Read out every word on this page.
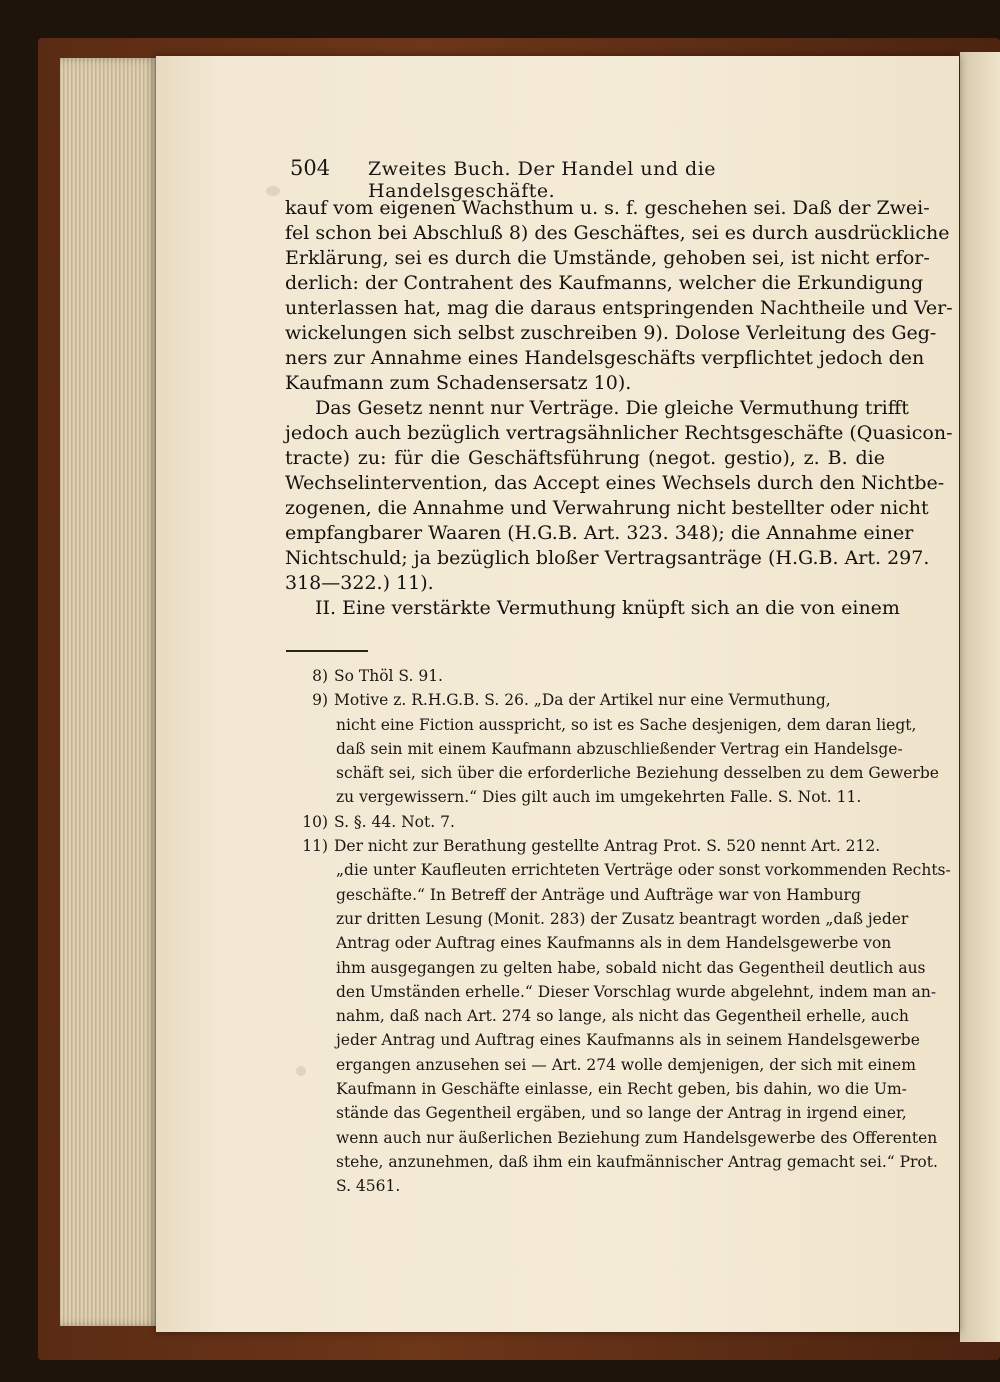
504 Zweites Buch. Der Handel und die Handelsgeschäfte.
kauf vom eigenen Wachsthum u. s. f. geschehen sei. Daß der Zwei-
fel schon bei Abschluß 8) des Geschäftes, sei es durch ausdrückliche
Erklärung, sei es durch die Umstände, gehoben sei, ist nicht erfor-
derlich: der Contrahent des Kaufmanns, welcher die Erkundigung
unterlassen hat, mag die daraus entspringenden Nachtheile und Ver-
wickelungen sich selbst zuschreiben 9). Dolose Verleitung des Geg-
ners zur Annahme eines Handelsgeschäfts verpflichtet jedoch den
Kaufmann zum Schadensersatz 10).
Das Gesetz nennt nur Verträge. Die gleiche Vermuthung trifft
jedoch auch bezüglich vertragsähnlicher Rechtsgeschäfte (Quasicon-
tracte) zu: für die Geschäftsführung (negot. gestio), z. B. die
Wechselintervention, das Accept eines Wechsels durch den Nichtbe-
zogenen, die Annahme und Verwahrung nicht bestellter oder nicht
empfangbarer Waaren (H.G.B. Art. 323. 348); die Annahme einer
Nichtschuld; ja bezüglich bloßer Vertragsanträge (H.G.B. Art. 297.
318—322.) 11).
II. Eine verstärkte Vermuthung knüpft sich an die von einem
8) So Thöl S. 91.
9) Motive z. R.H.G.B. S. 26. „Da der Artikel nur eine Vermuthung,
nicht eine Fiction ausspricht, so ist es Sache desjenigen, dem daran liegt,
daß sein mit einem Kaufmann abzuschließender Vertrag ein Handelsge-
schäft sei, sich über die erforderliche Beziehung desselben zu dem Gewerbe
zu vergewissern.“ Dies gilt auch im umgekehrten Falle. S. Not. 11.
10) S. §. 44. Not. 7.
11) Der nicht zur Berathung gestellte Antrag Prot. S. 520 nennt Art. 212.
„die unter Kaufleuten errichteten Verträge oder sonst vorkommenden Rechts-
geschäfte.“ In Betreff der Anträge und Aufträge war von Hamburg
zur dritten Lesung (Monit. 283) der Zusatz beantragt worden „daß jeder
Antrag oder Auftrag eines Kaufmanns als in dem Handelsgewerbe von
ihm ausgegangen zu gelten habe, sobald nicht das Gegentheil deutlich aus
den Umständen erhelle.“ Dieser Vorschlag wurde abgelehnt, indem man an-
nahm, daß nach Art. 274 so lange, als nicht das Gegentheil erhelle, auch
jeder Antrag und Auftrag eines Kaufmanns als in seinem Handelsgewerbe
ergangen anzusehen sei — Art. 274 wolle demjenigen, der sich mit einem
Kaufmann in Geschäfte einlasse, ein Recht geben, bis dahin, wo die Um-
stände das Gegentheil ergäben, und so lange der Antrag in irgend einer,
wenn auch nur äußerlichen Beziehung zum Handelsgewerbe des Offerenten
stehe, anzunehmen, daß ihm ein kaufmännischer Antrag gemacht sei.“ Prot.
S. 4561.
